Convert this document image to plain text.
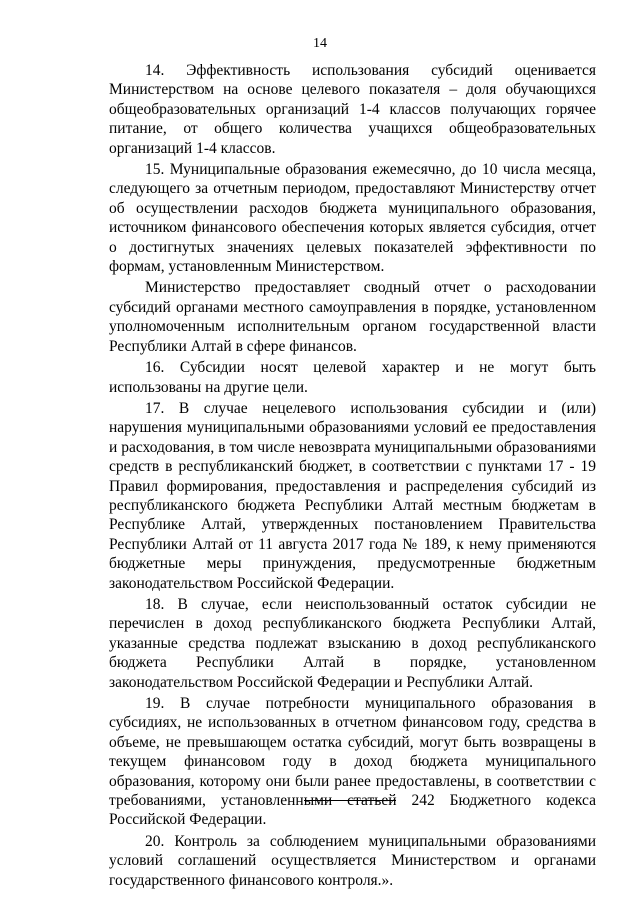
14

14. Эффективность использования субсидий оценивается Министерством на основе целевого показателя – доля обучающихся общеобразовательных организаций 1-4 классов получающих горячее питание, от общего количества учащихся общеобразовательных организаций 1-4 классов.

15. Муниципальные образования ежемесячно, до 10 числа месяца, следующего за отчетным периодом, предоставляют Министерству отчет об осуществлении расходов бюджета муниципального образования, источником финансового обеспечения которых является субсидия, отчет о достигнутых значениях целевых показателей эффективности по формам, установленным Министерством.

Министерство предоставляет сводный отчет о расходовании субсидий органами местного самоуправления в порядке, установленном уполномоченным исполнительным органом государственной власти Республики Алтай в сфере финансов.

16. Субсидии носят целевой характер и не могут быть использованы на другие цели.

17. В случае нецелевого использования субсидии и (или) нарушения муниципальными образованиями условий ее предоставления и расходования, в том числе невозврата муниципальными образованиями средств в республиканский бюджет, в соответствии с пунктами 17 - 19 Правил формирования, предоставления и распределения субсидий из республиканского бюджета Республики Алтай местным бюджетам в Республике Алтай, утвержденных постановлением Правительства Республики Алтай от 11 августа 2017 года № 189, к нему применяются бюджетные меры принуждения, предусмотренные бюджетным законодательством Российской Федерации.

18. В случае, если неиспользованный остаток субсидии не перечислен в доход республиканского бюджета Республики Алтай, указанные средства подлежат взысканию в доход республиканского бюджета Республики Алтай в порядке, установленном законодательством Российской Федерации и Республики Алтай.

19. В случае потребности муниципального образования в субсидиях, не использованных в отчетном финансовом году, средства в объеме, не превышающем остатка субсидий, могут быть возвращены в текущем финансовом году в доход бюджета муниципального образования, которому они были ранее предоставлены, в соответствии с требованиями, установленными статьей 242 Бюджетного кодекса Российской Федерации.

20. Контроль за соблюдением муниципальными образованиями условий соглашений осуществляется Министерством и органами государственного финансового контроля.».
